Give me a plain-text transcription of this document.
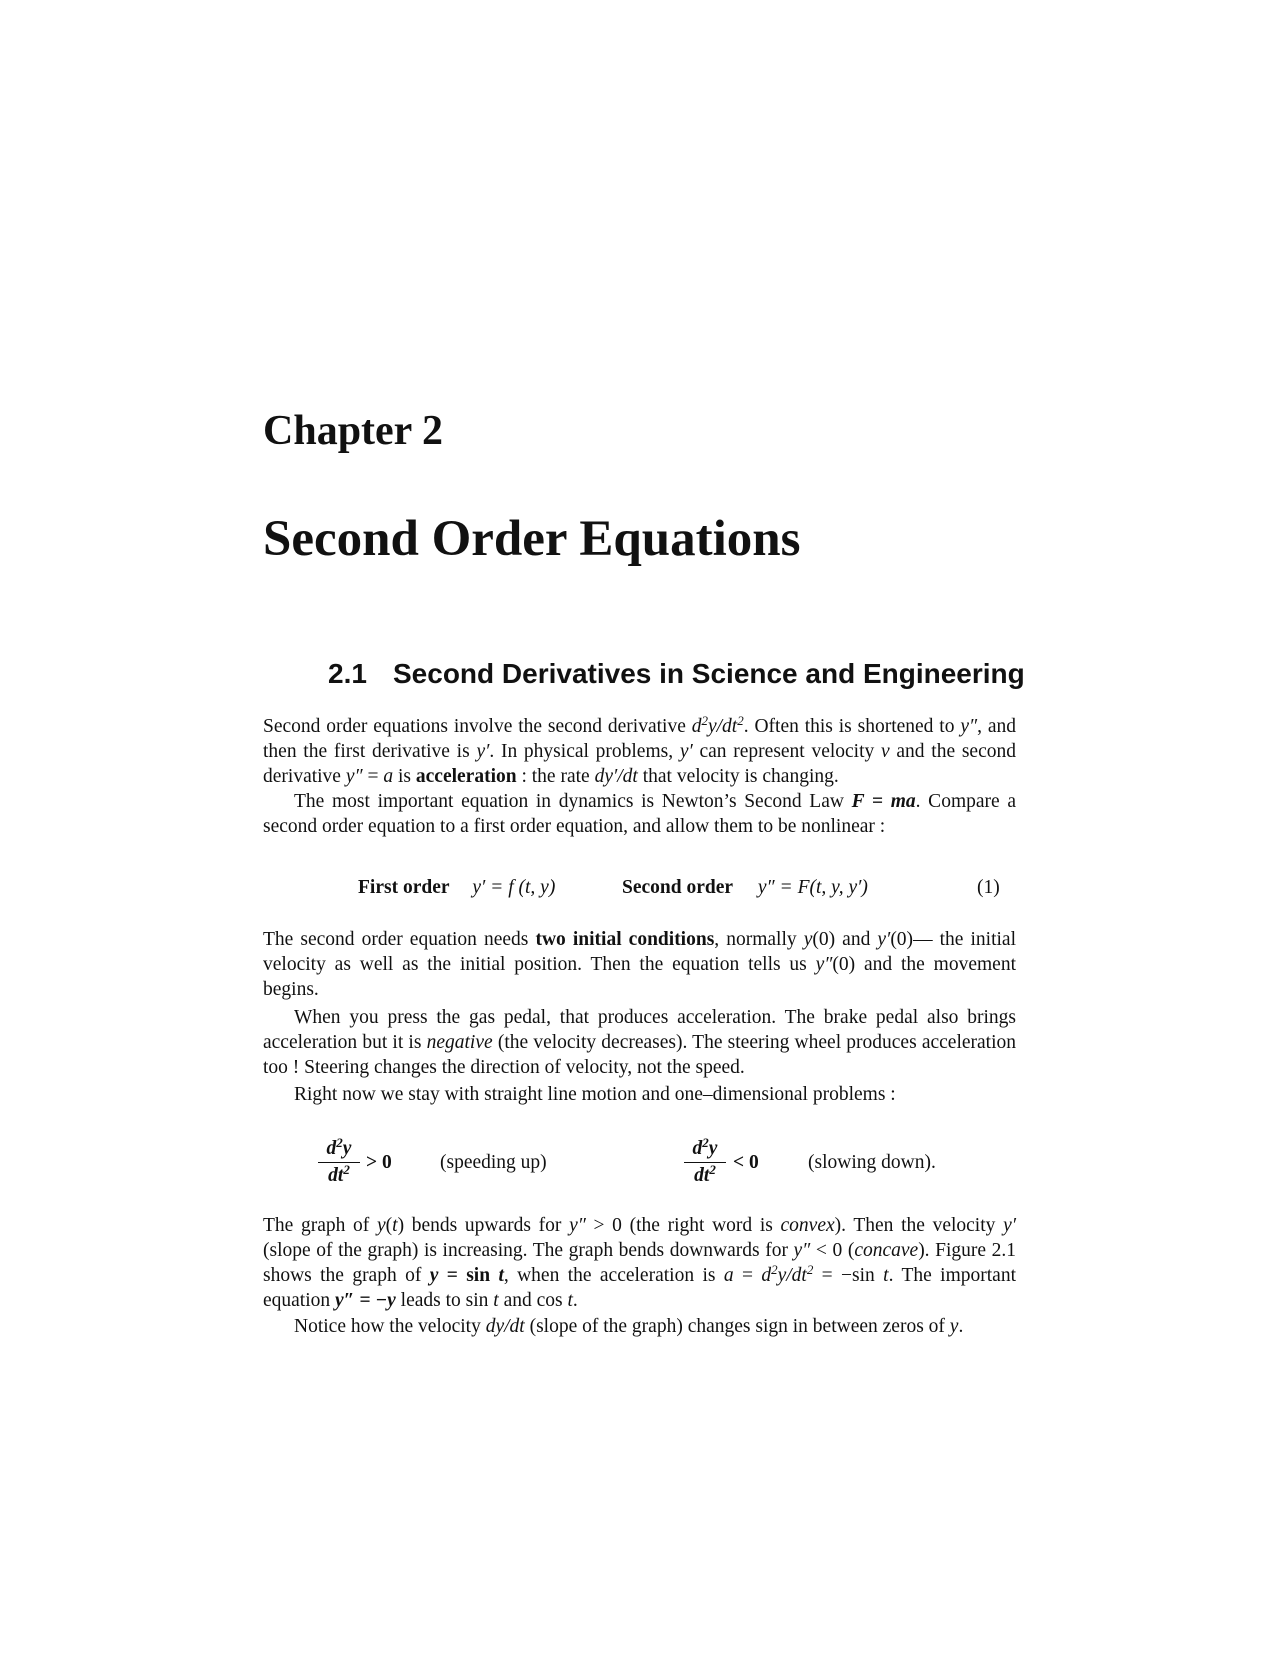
Chapter 2
Second Order Equations
2.1 Second Derivatives in Science and Engineering
Second order equations involve the second derivative $d^2y/dt^2$. Often this is shortened to y″, and then the first derivative is y′. In physical problems, y′ can represent velocity v and the second derivative y″ = a is acceleration : the rate dy′/dt that velocity is changing.
The most important equation in dynamics is Newton’s Second Law F = ma. Compare a second order equation to a first order equation, and allow them to be nonlinear :
First order y′ = f (t, y)	Second order y″ = F(t, y, y′)	(1)
The second order equation needs two initial conditions, normally y(0) and y′(0)— the initial velocity as well as the initial position. Then the equation tells us y″(0) and the movement begins.
When you press the gas pedal, that produces acceleration. The brake pedal also brings acceleration but it is negative (the velocity decreases). The steering wheel produces acceleration too ! Steering changes the direction of velocity, not the speed.
Right now we stay with straight line motion and one–dimensional problems :
$d^2y$
$dt^2 > 0$ (speeding up)
$d^2y$
$dt^2 < 0$	(slowing down).
The graph of y(t) bends upwards for y″ > 0 (the right word is convex). Then the velocity y′ (slope of the graph) is increasing. The graph bends downwards for y″ < 0 (concave). Figure 2.1 shows the graph of y = sin t, when the acceleration is $a = d^2y/dt^2 = -\sin$ t. The important equation y″ = −y leads to sin t and cos t.
Notice how the velocity dy/dt (slope of the graph) changes sign in between zeros of y.
